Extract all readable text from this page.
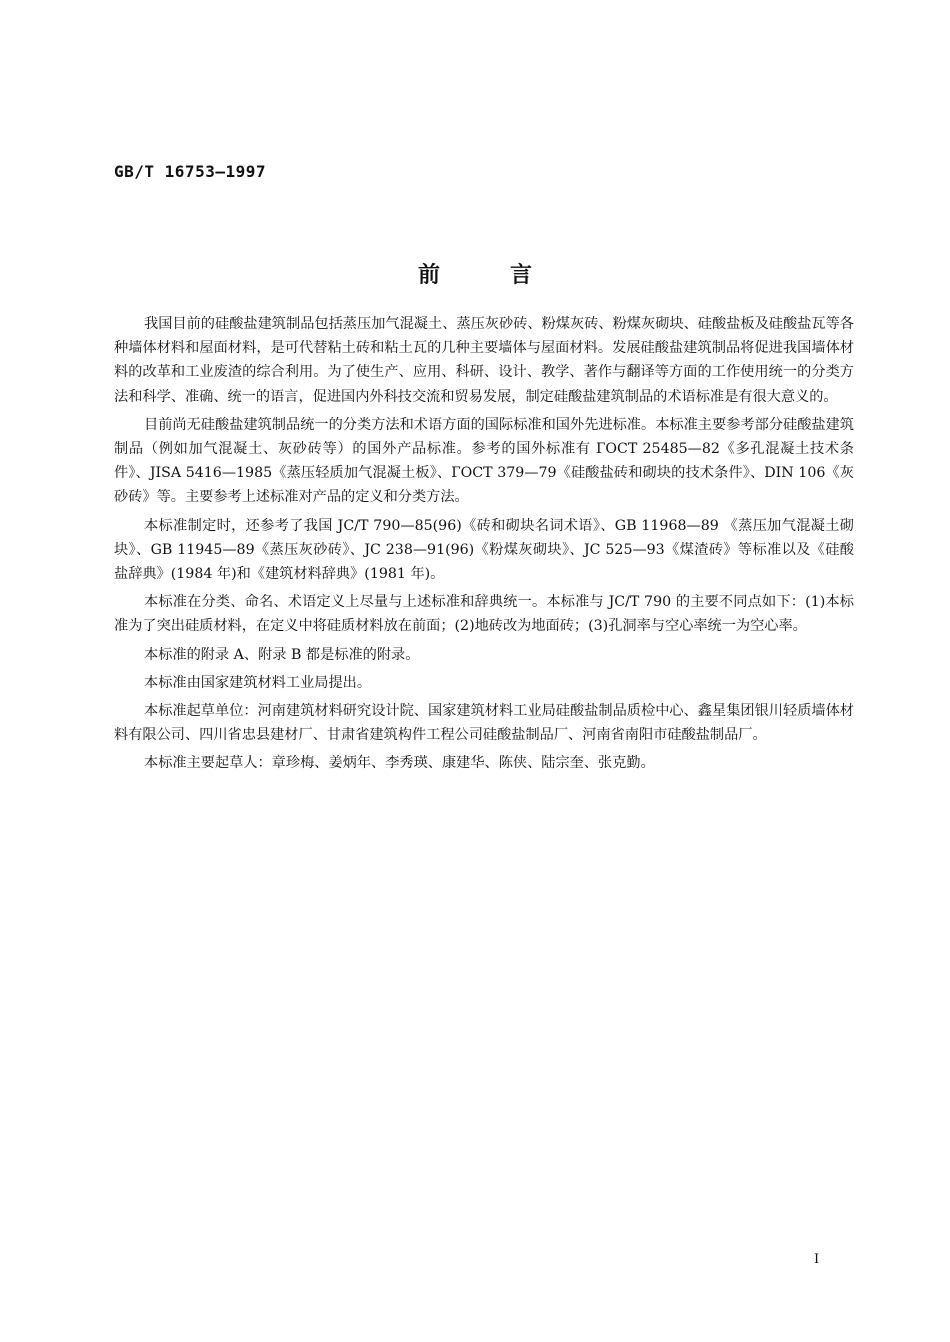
GB/T 16753—1997
前	言

我国目前的硅酸盐建筑制品包括蒸压加气混凝土、蒸压灰砂砖、粉煤灰砖、粉煤灰砌块、硅酸盐板及硅酸盐瓦等各种墙体材料和屋面材料，是可代替粘土砖和粘土瓦的几种主要墙体与屋面材料。发展硅酸盐建筑制品将促进我国墙体材料的改革和工业废渣的综合利用。为了使生产、应用、科研、设计、教学、著作与翻译等方面的工作使用统一的分类方法和科学、准确、统一的语言，促进国内外科技交流和贸易发展，制定硅酸盐建筑制品的术语标准是有很大意义的。

目前尚无硅酸盐建筑制品统一的分类方法和术语方面的国际标准和国外先进标准。本标准主要参考部分硅酸盐建筑制品（例如加气混凝土、灰砂砖等）的国外产品标准。参考的国外标准有 ГОСТ 25485—82《多孔混凝土技术条件》、JISA 5416—1985《蒸压轻质加气混凝土板》、ГОСТ 379—79《硅酸盐砖和砌块的技术条件》、DIN 106《灰砂砖》等。主要参考上述标准对产品的定义和分类方法。

本标准制定时，还参考了我国 JC/T 790—85(96)《砖和砌块名词术语》、GB 11968—89 《蒸压加气混凝土砌块》、GB 11945—89《蒸压灰砂砖》、JC 238—91(96)《粉煤灰砌块》、JC 525—93《煤渣砖》等标准以及《硅酸盐辞典》(1984 年)和《建筑材料辞典》(1981 年)。

本标准在分类、命名、术语定义上尽量与上述标准和辞典统一。本标准与 JC/T 790 的主要不同点如下：(1)本标准为了突出硅质材料，在定义中将硅质材料放在前面；(2)地砖改为地面砖；(3)孔洞率与空心率统一为空心率。

本标准的附录 A、附录 B 都是标准的附录。

本标准由国家建筑材料工业局提出。

本标准起草单位：河南建筑材料研究设计院、国家建筑材料工业局硅酸盐制品质检中心、鑫星集团银川轻质墙体材料有限公司、四川省忠县建材厂、甘肃省建筑构件工程公司硅酸盐制品厂、河南省南阳市硅酸盐制品厂。

本标准主要起草人：章珍梅、姜炳年、李秀瑛、康建华、陈侠、陆宗奎、张克勤。

I
